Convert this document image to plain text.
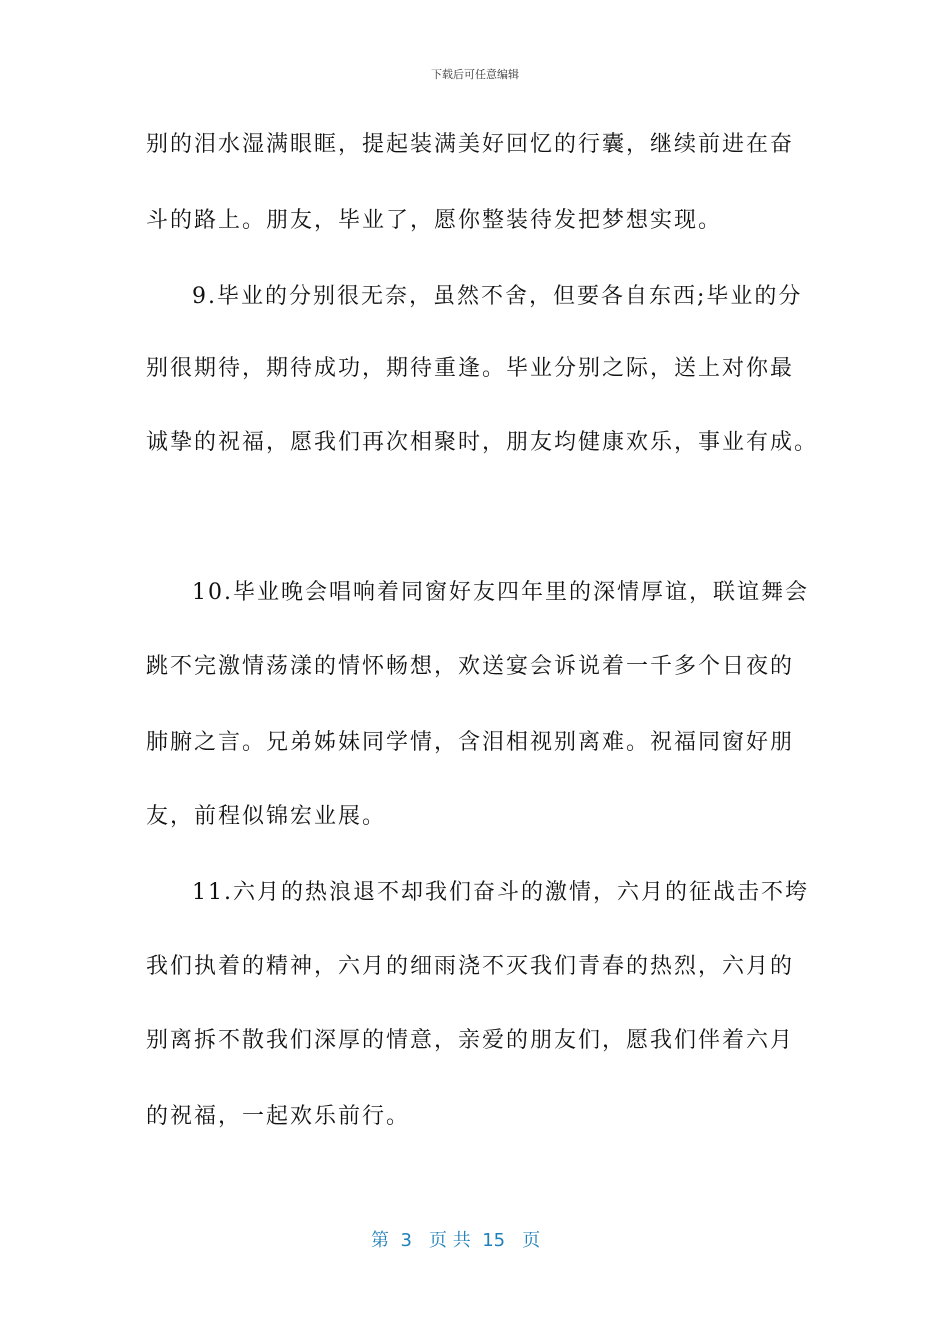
下载后可任意编辑
别的泪水湿满眼眶，提起装满美好回忆的行囊，继续前进在奋
斗的路上。朋友，毕业了，愿你整装待发把梦想实现。
9.毕业的分别很无奈，虽然不舍，但要各自东西;毕业的分
别很期待，期待成功，期待重逢。毕业分别之际，送上对你最
诚挚的祝福，愿我们再次相聚时，朋友均健康欢乐，事业有成。
10.毕业晚会唱响着同窗好友四年里的深情厚谊，联谊舞会
跳不完激情荡漾的情怀畅想，欢送宴会诉说着一千多个日夜的
肺腑之言。兄弟姊妹同学情，含泪相视别离难。祝福同窗好朋
友，前程似锦宏业展。
11.六月的热浪退不却我们奋斗的激情，六月的征战击不垮
我们执着的精神，六月的细雨浇不灭我们青春的热烈，六月的
别离拆不散我们深厚的情意，亲爱的朋友们，愿我们伴着六月
的祝福，一起欢乐前行。
第  3   页 共  15   页
